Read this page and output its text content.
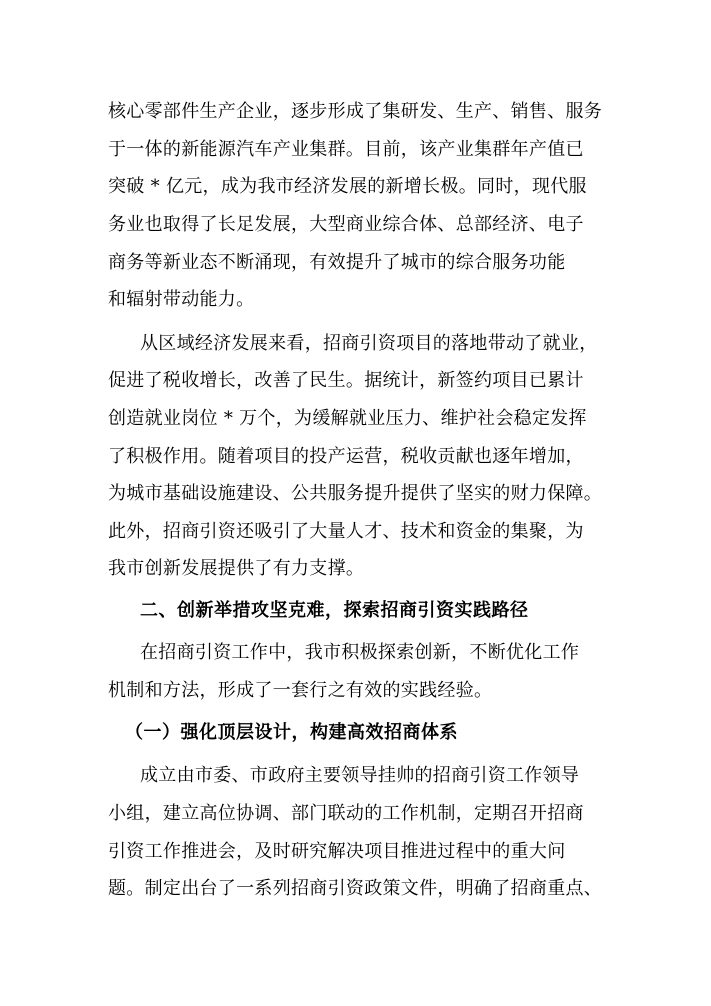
核心零部件生产企业，逐步形成了集研发、生产、销售、服务
于一体的新能源汽车产业集群。目前，该产业集群年产值已
突破 * 亿元，成为我市经济发展的新增长极。同时，现代服
务业也取得了长足发展，大型商业综合体、总部经济、电子
商务等新业态不断涌现，有效提升了城市的综合服务功能
和辐射带动能力。
从区域经济发展来看，招商引资项目的落地带动了就业，
促进了税收增长，改善了民生。据统计，新签约项目已累计
创造就业岗位 * 万个，为缓解就业压力、维护社会稳定发挥
了积极作用。随着项目的投产运营，税收贡献也逐年增加，
为城市基础设施建设、公共服务提升提供了坚实的财力保障。
此外，招商引资还吸引了大量人才、技术和资金的集聚，为
我市创新发展提供了有力支撑。
二、创新举措攻坚克难，探索招商引资实践路径
在招商引资工作中，我市积极探索创新，不断优化工作
机制和方法，形成了一套行之有效的实践经验。
（一）强化顶层设计，构建高效招商体系
成立由市委、市政府主要领导挂帅的招商引资工作领导
小组，建立高位协调、部门联动的工作机制，定期召开招商
引资工作推进会，及时研究解决项目推进过程中的重大问
题。制定出台了一系列招商引资政策文件，明确了招商重点、
